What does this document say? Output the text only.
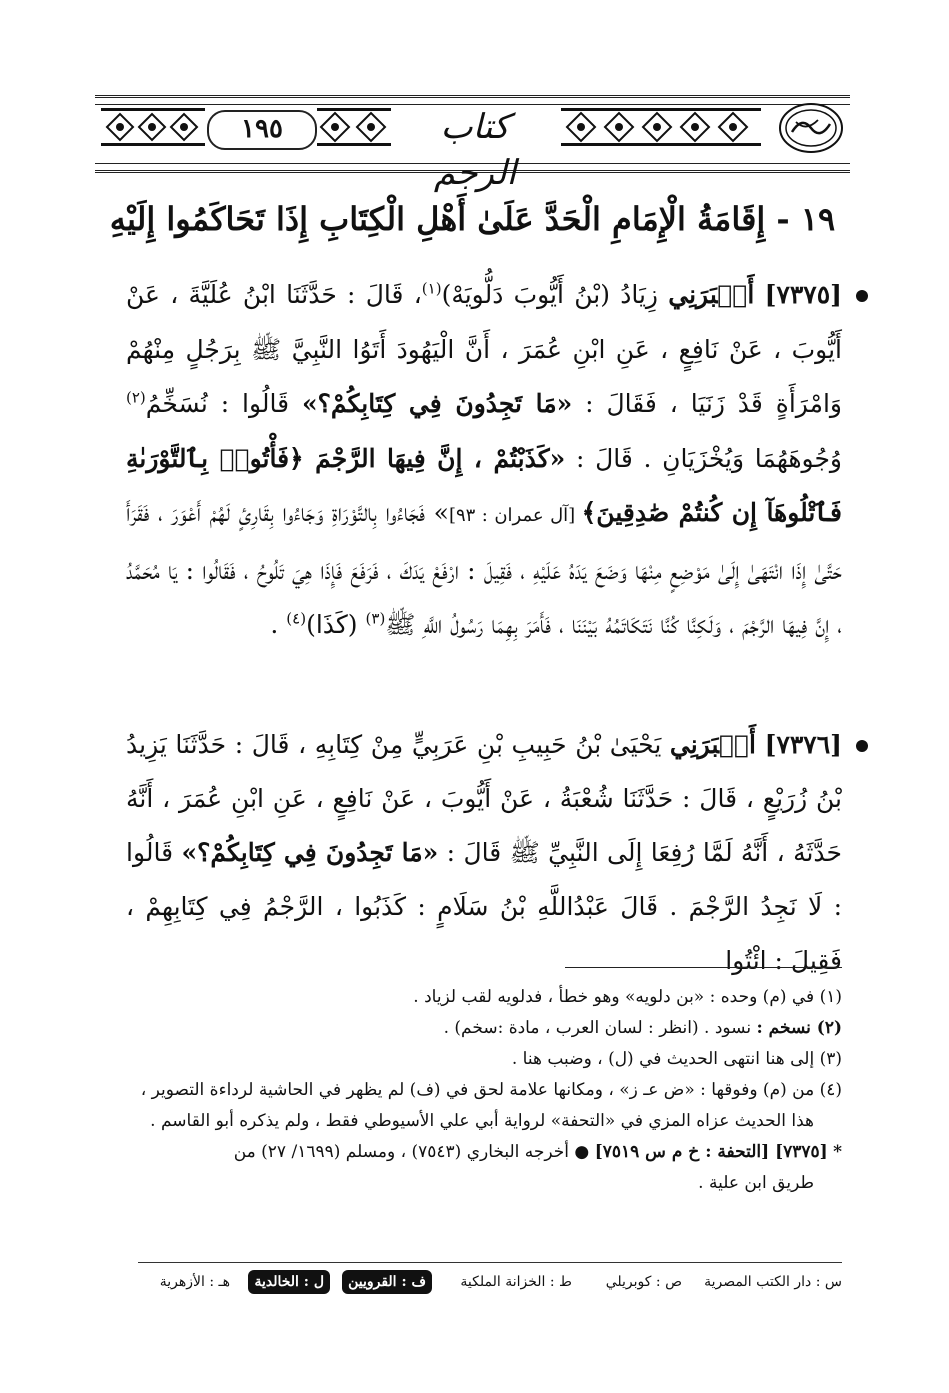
١٩٥	كتاب الرجم
١٩ - إِقَامَةُ الْإِمَامِ الْحَدَّ عَلَىٰ أَهْلِ الْكِتَابِ إِذَا تَحَاكَمُوا إِلَيْهِ
[٧٣٧٥] أَخۡبَرَنِي زِيَادُ (بْنُ أَيُّوبَ دَلُّويَهْ)$^{(١)}$، قَالَ : حَدَّثَنَا ابْنُ عُلَيَّةَ ، عَنْ أَيُّوبَ ، عَنْ نَافِعٍ ، عَنِ ابْنِ عُمَرَ ، أَنَّ الْيَهُودَ أَتَوُا النَّبِيَّ ﷺ بِرَجُلٍ مِنْهُمْ وَامْرَأَةٍ قَدْ زَنَيَا ، فَقَالَ : «مَا تَجِدُونَ فِي كِتَابِكُمْ؟» قَالُوا : نُسَخِّمُ$^{(٢)}$ وُجُوهَهُمَا وَيُخْزَيَانِ . قَالَ : «كَذَبْتُمْ ، إِنَّ فِيهَا الرَّجْمَ ﴿فَأْتُوا۟ بِٱلتَّوْرَىٰةِ فَٱتْلُوهَآ إِن كُنتُمْ صَٰدِقِينَ﴾ [آل عمران : ٩٣]» فَجَاءُوا بِالتَّوْرَاةِ وَجَاءُوا بِقَارِئٍ لَهُمْ أَعْوَرَ ، فَقَرَأَ حَتَّىٰ إِذَا انْتَهَىٰ إِلَىٰ مَوْضِعٍ مِنْهَا وَضَعَ يَدَهُ عَلَيْهِ ، فَقِيلَ : ارْفَعْ يَدَكَ ، فَرَفَعَ فَإِذَا هِيَ تَلُوحُ ، فَقَالُوا : يَا مُحَمَّدُ ، إِنَّ فِيهَا الرَّجْمَ ، وَلَكِنَّا كُنَّا نَتَكَاتَمُهُ بَيْنَنَا ، فَأَمَرَ بِهِمَا رَسُولُ اللَّهِ ﷺ$^{(٣)}$ (كَذَا)$^{(٤)}$ .
[٧٣٧٦] أَخۡبَرَنِي يَحْيَىٰ بْنُ حَبِيبِ بْنِ عَرَبِيٍّ مِنْ كِتَابِهِ ، قَالَ : حَدَّثَنَا يَزِيدُ بْنُ زُرَيْعٍ ، قَالَ : حَدَّثَنَا شُعْبَةُ ، عَنْ أَيُّوبَ ، عَنْ نَافِعٍ ، عَنِ ابْنِ عُمَرَ ، أَنَّهُ حَدَّثَهُ ، أَنَّهُ لَمَّا رُفِعَا إِلَى النَّبِيِّ ﷺ قَالَ : «مَا تَجِدُونَ فِي كِتَابِكُمْ؟» قَالُوا : لَا نَجِدُ الرَّجْمَ . قَالَ عَبْدُاللَّهِ بْنُ سَلَامٍ : كَذَبُوا ، الرَّجْمُ فِي كِتَابِهِمْ ، فَقِيلَ : ائْتُوا
(١) في (م) وحده : «بن دلويه» وهو خطأ ، فدلويه لقب لزياد .
(٢) نسخم : نسود . (انظر : لسان العرب ، مادة :سخم) .
(٣) إلى هنا انتهى الحديث في (ل) ، وضبب هنا .
(٤) من (م) وفوقها : «ض عـ ز» ، ومكانها علامة لحق في (ف) لم يظهر في الحاشية لرداءة التصوير ،
هذا الحديث عزاه المزي في «التحفة» لرواية أبي علي الأسيوطي فقط ، ولم يذكره أبو القاسم .
* [٧٣٧٥] [التحفة : خ م س ٧٥١٩] ● أخرجه البخاري (٧٥٤٣) ، ومسلم (١٦٩٩/ ٢٧) من
طريق ابن علية .
س : دار الكتب المصرية
ص : كوبريلي
ط : الخزانة الملكية
ف : القرويين
ل : الخالدية
هـ : الأزهرية
